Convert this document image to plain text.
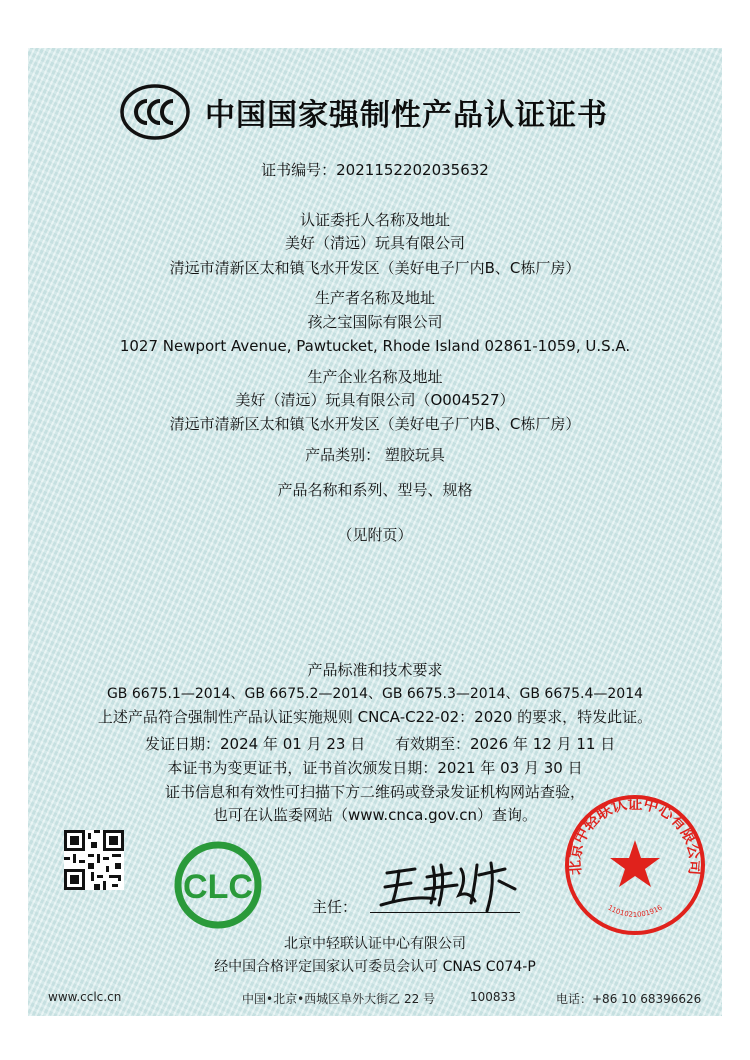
中国国家强制性产品认证证书
证书编号：2021152202035632
认证委托人名称及地址
美好（清远）玩具有限公司
清远市清新区太和镇飞水开发区（美好电子厂内B、C栋厂房）
生产者名称及地址
孩之宝国际有限公司
1027 Newport Avenue, Pawtucket, Rhode Island 02861-1059, U.S.A.
生产企业名称及地址
美好（清远）玩具有限公司（O004527）
清远市清新区太和镇飞水开发区（美好电子厂内B、C栋厂房）
产品类别： 塑胶玩具
产品名称和系列、型号、规格
（见附页）
产品标准和技术要求
GB 6675.1—2014、GB 6675.2—2014、GB 6675.3—2014、GB 6675.4—2014
上述产品符合强制性产品认证实施规则 CNCA-C22-02：2020 的要求，特发此证。
发证日期：2024 年 01 月 23 日 有效期至：2026 年 12 月 11 日
本证书为变更证书，证书首次颁发日期：2021 年 03 月 30 日
证书信息和有效性可扫描下方二维码或登录发证机构网站查验，
也可在认监委网站（www.cnca.gov.cn）查询。
CLC
主任：
北京中轻联认证中心有限公司
1101021001916
北京中轻联认证中心有限公司
经中国合格评定国家认可委员会认可 CNAS C074-P
www.cclc.cn	中国•北京•西城区阜外大街乙 22 号	100833	电话：+86 10 68396626
